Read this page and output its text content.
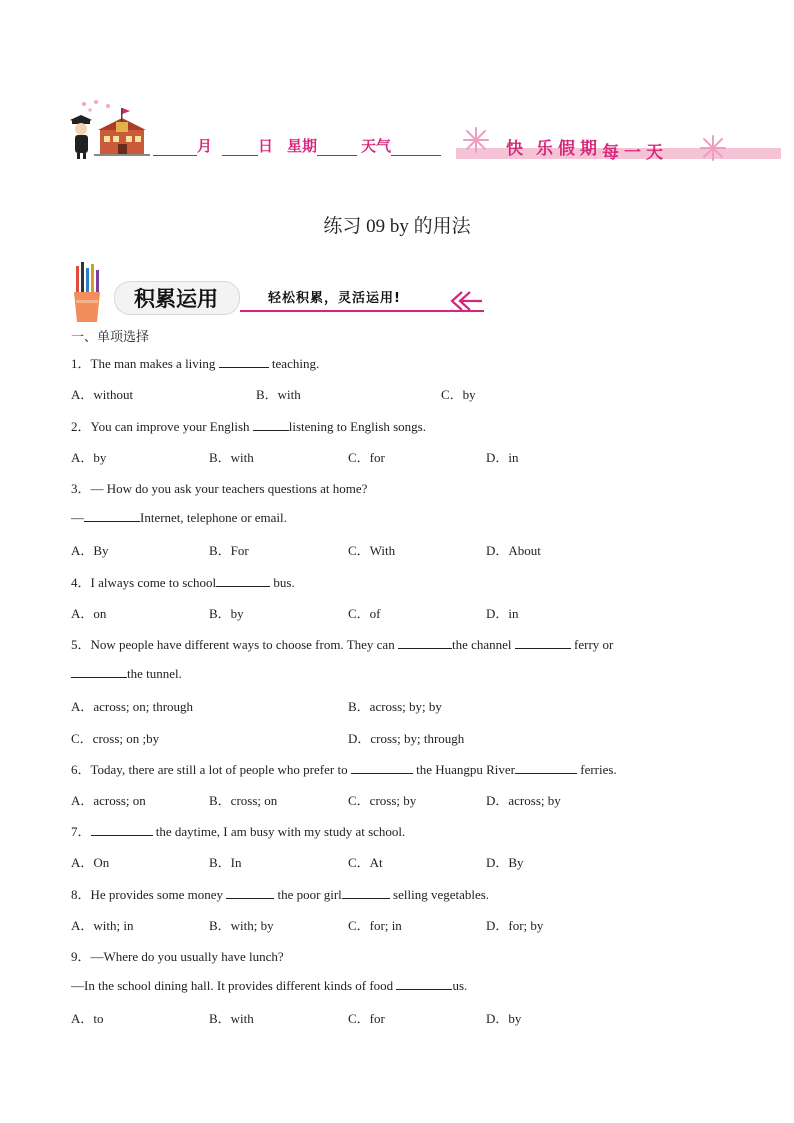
月	日 星期	天气	快 乐 假 期 每 一 天
练习 09 by 的用法
积累运用	轻松积累，灵活运用!
一、单项选择
1．The man makes a living	teaching.
A．without	B．with	C．by
2．You can improve your English	listening to English songs.
A．by	B．with	C．for	D．in
3．— How do you ask your teachers questions at home?
—	Internet, telephone or email.
A．By	B．For	C．With	D．About
4．I always come to school	bus.
A．on	B．by	C．of	D．in
5．Now people have different ways to choose from. They can	the channel	ferry or
the tunnel.
A．across; on; through	B．across; by; by
C．cross; on ;by	D．cross; by; through
6．Today, there are still a lot of people who prefer to	the Huangpu River	ferries.
A．across; on	B．cross; on	C．cross; by	D．across; by
7．	the daytime, I am busy with my study at school.
A．On	B．In	C．At	D．By
8．He provides some money	the poor girl	selling vegetables.
A．with; in	B．with; by	C．for; in	D．for; by
9．—Where do you usually have lunch?
—In the school dining hall. It provides different kinds of food	us.
A．to	B．with	C．for	D．by
